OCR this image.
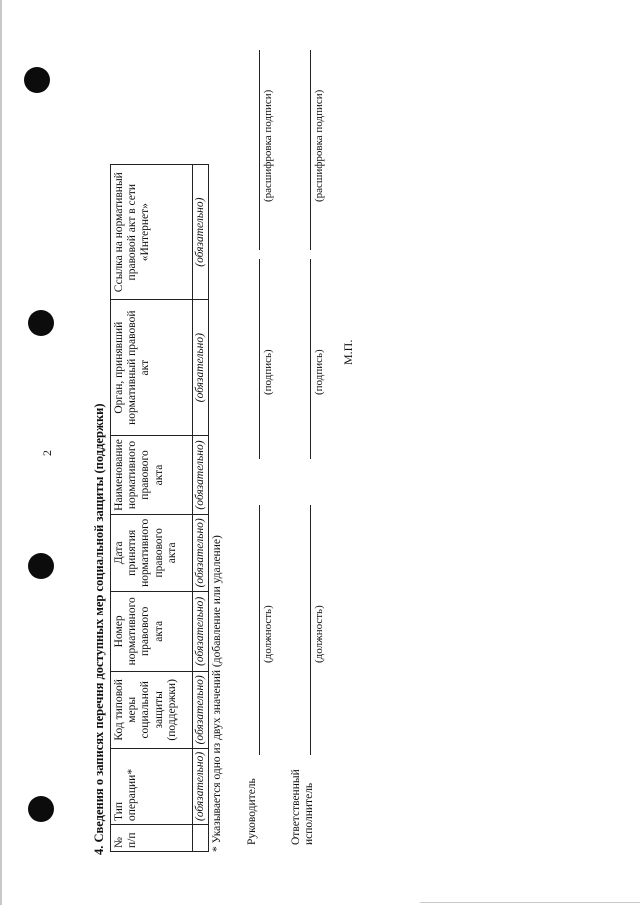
2	4. Сведения о записях перечня доступных мер социальной защиты (поддержки) № п/п	Тип операции*	Код типовой меры социальной защиты (поддержки)	Номер нормативного правового акта	Дата принятия нормативного правового акта	Наименование нормативного правового акта	Орган, принявший нормативный правовой акт	Ссылка на нормативный правовой акт в сети «Интернет»
	(обязательно)	(обязательно)	(обязательно)	(обязательно)	(обязательно)	(обязательно)	(обязательно)
* Указывается одно из двух значений (добавление или удаление) Руководитель
(должность)
(подпись)
(расшифровка подписи)
Ответственный исполнитель
(должность)
(подпись)
(расшифровка подписи)
М.П.
